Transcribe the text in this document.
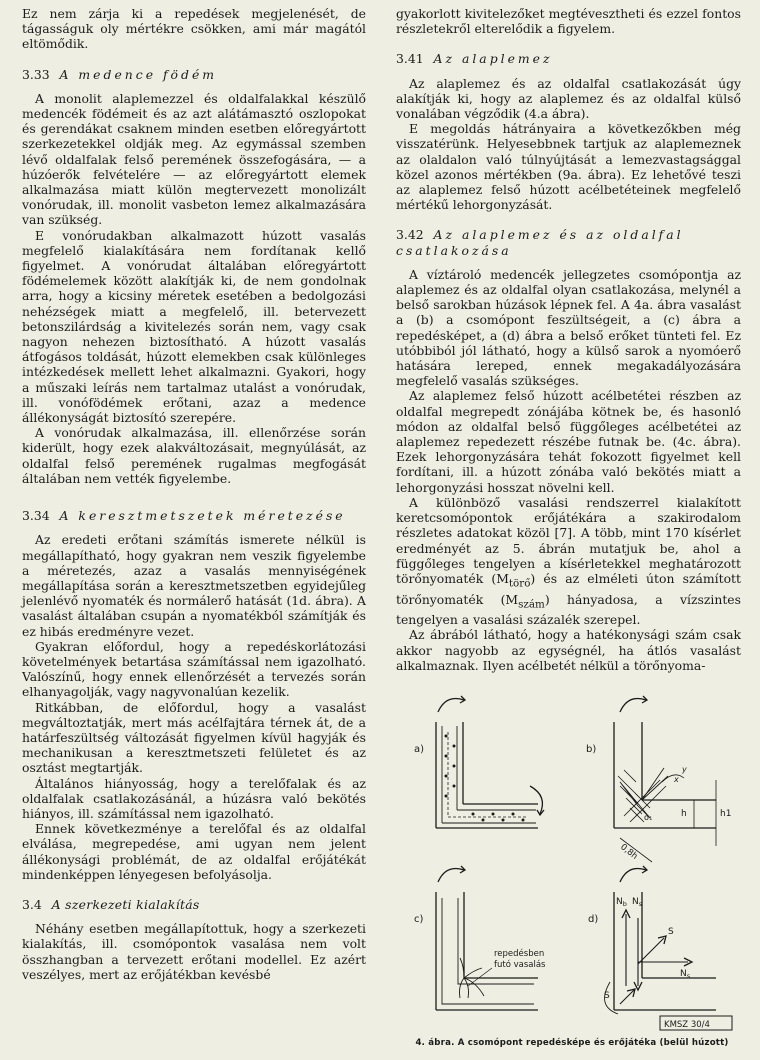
Ez nem zárja ki a repedések megjelenését, de tágasságuk oly mértékre csökken, ami már magától eltömődik.

3.33 A medence födém

A monolit alaplemezzel és oldalfalakkal készülő medencék födémeit és az azt alátámasztó oszlopokat és gerendákat csaknem minden esetben előregyártott szerkezetekkel oldják meg. Az egymással szemben lévő oldalfalak felső peremének összefogására, — a húzóerők felvételére — az előregyártott elemek alkalmazása miatt külön megtervezett monolizált vonórudak, ill. monolit vasbeton lemez alkalmazására van szükség.

E vonórudakban alkalmazott húzott vasalás megfelelő kialakítására nem fordítanak kellő figyelmet. A vonórudat általában előregyártott födémelemek között alakítják ki, de nem gondolnak arra, hogy a kicsiny méretek esetében a bedolgozási nehézségek miatt a megfelelő, ill. betervezett betonszilárdság a kivitelezés során nem, vagy csak nagyon nehezen biztosítható. A húzott vasalás átfogásos toldását, húzott elemekben csak különleges intézkedések mellett lehet alkalmazni. Gyakori, hogy a műszaki leírás nem tartalmaz utalást a vonórudak, ill. vonófödémek erőtani, azaz a medence állékonyságát biztosító szerepére.

A vonórudak alkalmazása, ill. ellenőrzése során kiderült, hogy ezek alakváltozásait, megnyúlását, az oldalfal felső peremének rugalmas megfogását általában nem vették figyelembe.

3.34 A keresztmetszetek méretezése

Az eredeti erőtani számítás ismerete nélkül is megállapítható, hogy gyakran nem veszik figyelembe a méretezés, azaz a vasalás mennyiségének megállapítása során a keresztmetszetben egyidejűleg jelenlévő nyomaték és normálerő hatását (1d. ábra). A vasalást általában csupán a nyomatékból számítják és ez hibás eredményre vezet.

Gyakran előfordul, hogy a repedéskorlátozási követelmények betartása számítással nem igazolható. Valószínű, hogy ennek ellenőrzését a tervezés során elhanyagolják, vagy nagyvonalúan kezelik.

Ritkábban, de előfordul, hogy a vasalást megváltoztatják, mert más acélfajtára térnek át, de a határfeszültség változását figyelmen kívül hagyják és mechanikusan a keresztmetszeti felületet és az osztást megtartják.

Általános hiányosság, hogy a terelőfalak és az oldalfalak csatlakozásánál, a húzásra való bekötés hiányos, ill. számítással nem igazolható.

Ennek következménye a terelőfal és az oldalfal elválása, megrepedése, ami ugyan nem jelent állékonysági problémát, de az oldalfal erőjátékát mindenképpen lényegesen befolyásolja.

3.4 A szerkezeti kialakítás

Néhány esetben megállapítottuk, hogy a szerkezeti kialakítás, ill. csomópontok vasalása nem volt összhangban a tervezett erőtani modellel. Ez azért veszélyes, mert az erőjátékban kevésbé

gyakorlott kivitelezőket megtévesztheti és ezzel fontos részletekről elterelődik a figyelem.

3.41 Az alaplemez

Az alaplemez és az oldalfal csatlakozását úgy alakítják ki, hogy az alaplemez és az oldalfal külső vonalában végződik (4.a ábra).

E megoldás hátrányaira a következőkben még visszatérünk. Helyesebbnek tartjuk az alaplemeznek az olaldalon való túlnyújtását a lemezvastagsággal közel azonos mértékben (9a. ábra). Ez lehetővé teszi az alaplemez felső húzott acélbetéteinek megfelelő mértékű lehorgonyzását.

3.42 Az alaplemez és az oldalfal csatlakozása

A víztároló medencék jellegzetes csomópontja az alaplemez és az oldalfal olyan csatlakozása, melynél a belső sarokban húzások lépnek fel. A 4a. ábra vasalást a (b) a csomópont feszültségeit, a (c) ábra a repedésképet, a (d) ábra a belső erőket tünteti fel. Ez utóbbiból jól látható, hogy a külső sarok a nyomóerő hatására lereped, ennek megakadályozására megfelelő vasalás szükséges.

Az alaplemez felső húzott acélbetétei részben az oldalfal megrepedt zónájába kötnek be, és hasonló módon az oldalfal belső függőleges acélbetétei az alaplemez repedezett részébe futnak be. (4c. ábra). Ezek lehorgonyzására tehát fokozott figyelmet kell fordítani, ill. a húzott zónába való bekötés miatt a lehorgonyzási hosszat növelni kell.

A különböző vasalási rendszerrel kialakított keretcsomópontok erőjátékára a szakirodalom részletes adatokat közöl [7]. A több, mint 170 kísérlet eredményét az 5. ábrán mutatjuk be, ahol a függőleges tengelyen a kísérletekkel meghatározott törőnyomaték $(M_{törő})$ és az elméleti úton számított törőnyomaték $(M_{szám})$ hányadosa, a vízszintes tengelyen a vasalási százalék szerepel.

Az ábrából látható, hogy a hatékonysági szám csak akkor nagyobb az egységnél, ha átlós vasalást alkalmaznak. Ilyen acélbetét nélkül a törőnyoma-

a)	b)
c)	d)
h	h1
0,8h
x
y
σ₁
repedésben
futó vasalás
$N_b$ $N_s$
S
$N_s$
S
KMSZ 30/4
4. ábra. A csomópont repedésképe és erőjátéka (belül húzott)
